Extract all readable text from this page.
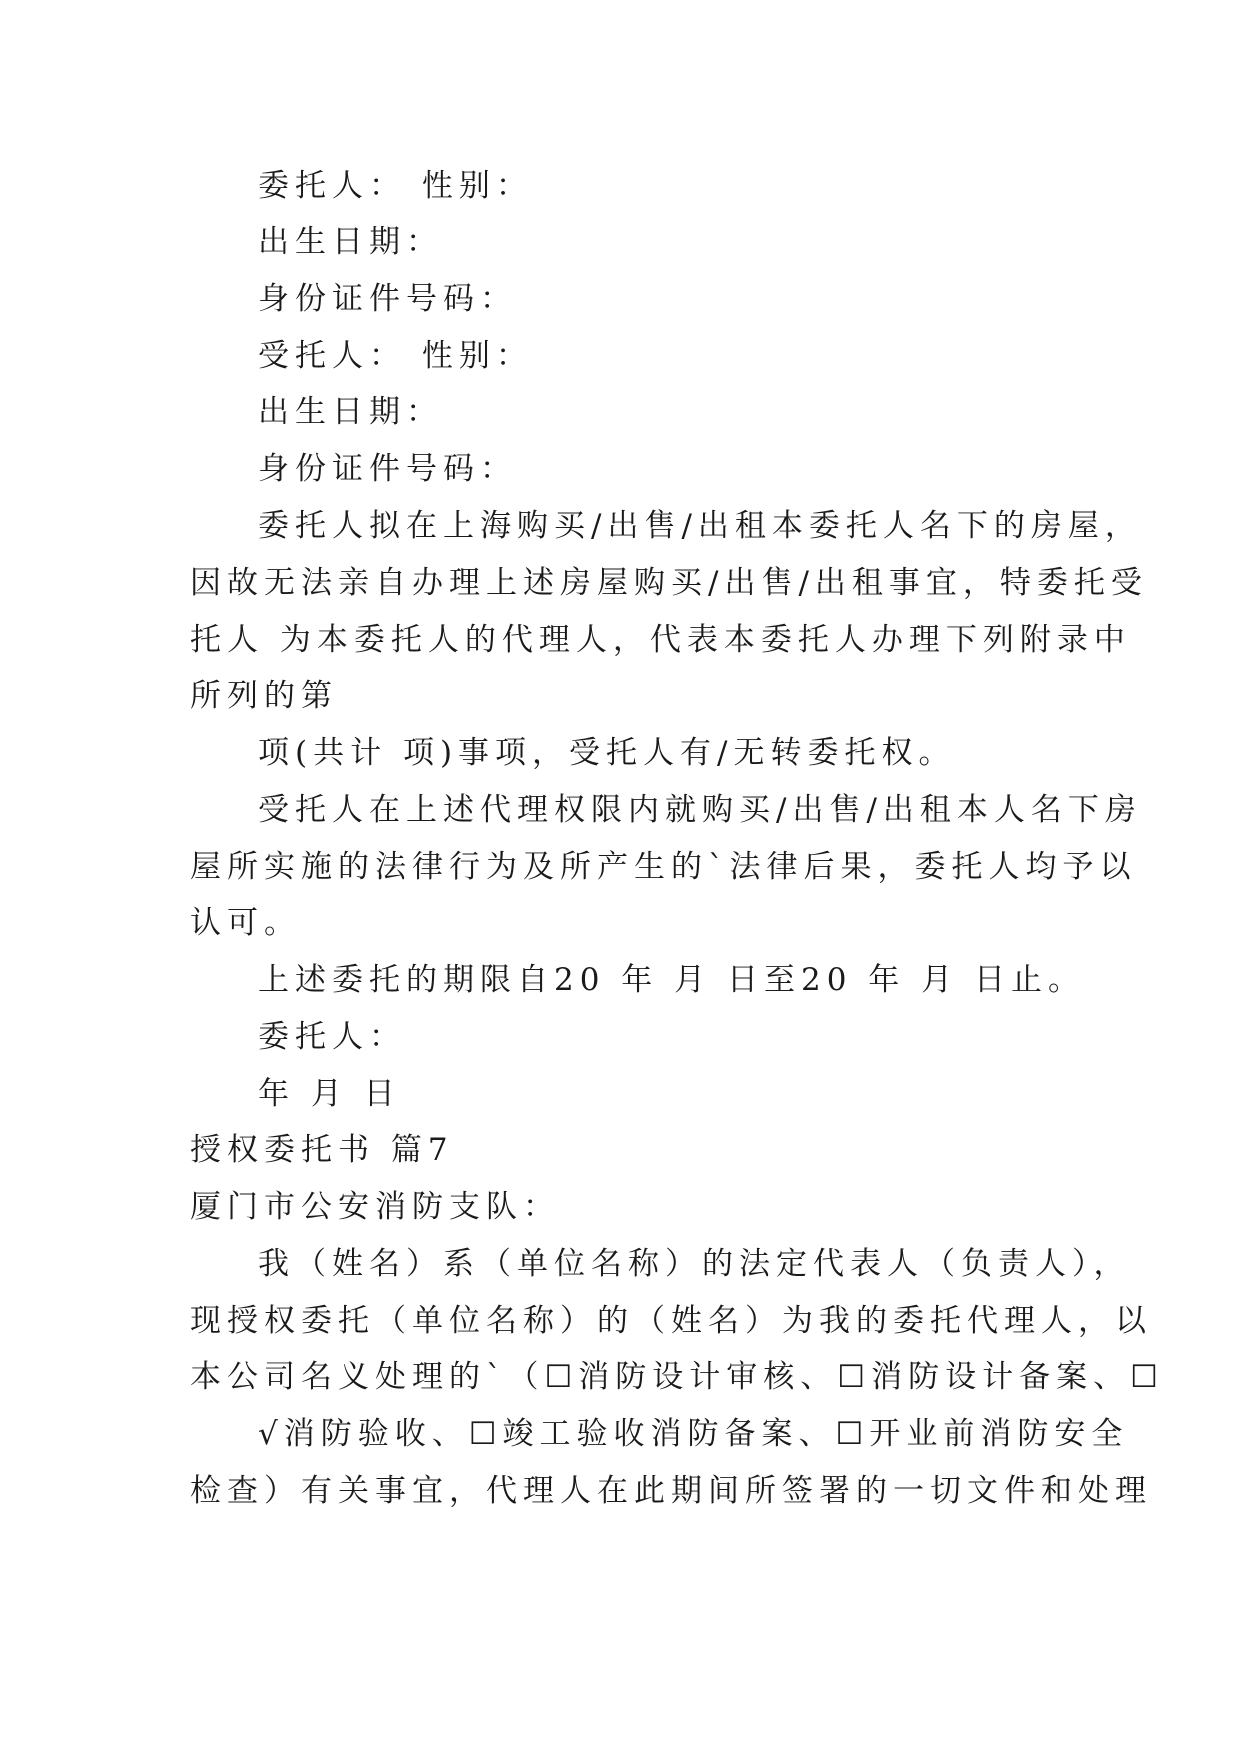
委托人： 性别：
出生日期：
身份证件号码：
受托人： 性别：
出生日期：
身份证件号码：
委托人拟在上海购买/出售/出租本委托人名下的房屋，
因故无法亲自办理上述房屋购买/出售/出租事宜，特委托受
托人 为本委托人的代理人，代表本委托人办理下列附录中
所列的第
项(共计 项)事项，受托人有/无转委托权。
受托人在上述代理权限内就购买/出售/出租本人名下房
屋所实施的法律行为及所产生的`法律后果，委托人均予以
认可。
上述委托的期限自20 年 月 日至20 年 月 日止。
委托人：
年 月 日
授权委托书 篇7
厦门市公安消防支队：
我（姓名）系（单位名称）的法定代表人（负责人），
现授权委托（单位名称）的（姓名）为我的委托代理人，以
本公司名义处理的`（☐消防设计审核、☐消防设计备案、☐
√消防验收、☐竣工验收消防备案、☐开业前消防安全
检查）有关事宜，代理人在此期间所签署的一切文件和处理
